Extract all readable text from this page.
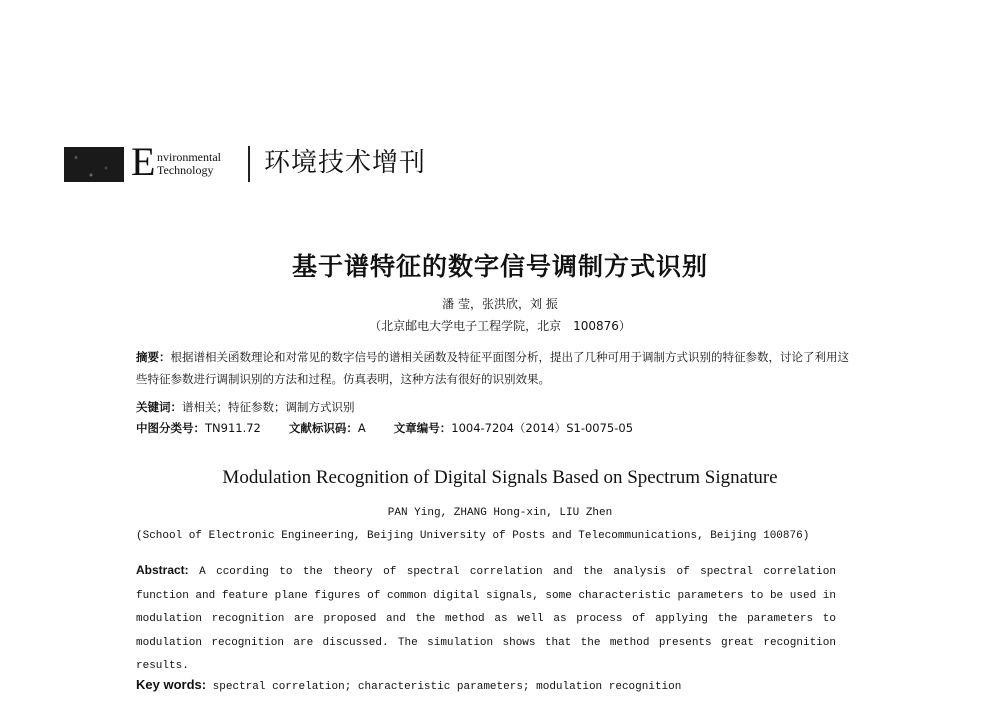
E nvironmental
Technology 环境技术增刊
基于谱特征的数字信号调制方式识别
潘 莹，张洪欣，刘 振
（北京邮电大学电子工程学院，北京　100876）
摘要：根据谱相关函数理论和对常见的数字信号的谱相关函数及特征平面图分析，提出了几种可用于调制方式识别的特征参数，讨论了利用这些特征参数进行调制识别的方法和过程。仿真表明，这种方法有很好的识别效果。
关键词：谱相关；特征参数；调制方式识别
中图分类号：TN911.72 文献标识码：A 文章编号：1004-7204（2014）S1-0075-05
Modulation Recognition of Digital Signals Based on Spectrum Signature
PAN Ying, ZHANG Hong-xin, LIU Zhen
(School of Electronic Engineering, Beijing University of Posts and Telecommunications, Beijing 100876)
Abstract: A ccording to the theory of spectral correlation and the analysis of spectral correlation function and feature plane figures of common digital signals, some characteristic parameters to be used in modulation recognition are proposed and the method as well as process of applying the parameters to modulation recognition are discussed. The simulation shows that the method presents great recognition results.
Key words: spectral correlation; characteristic parameters; modulation recognition
